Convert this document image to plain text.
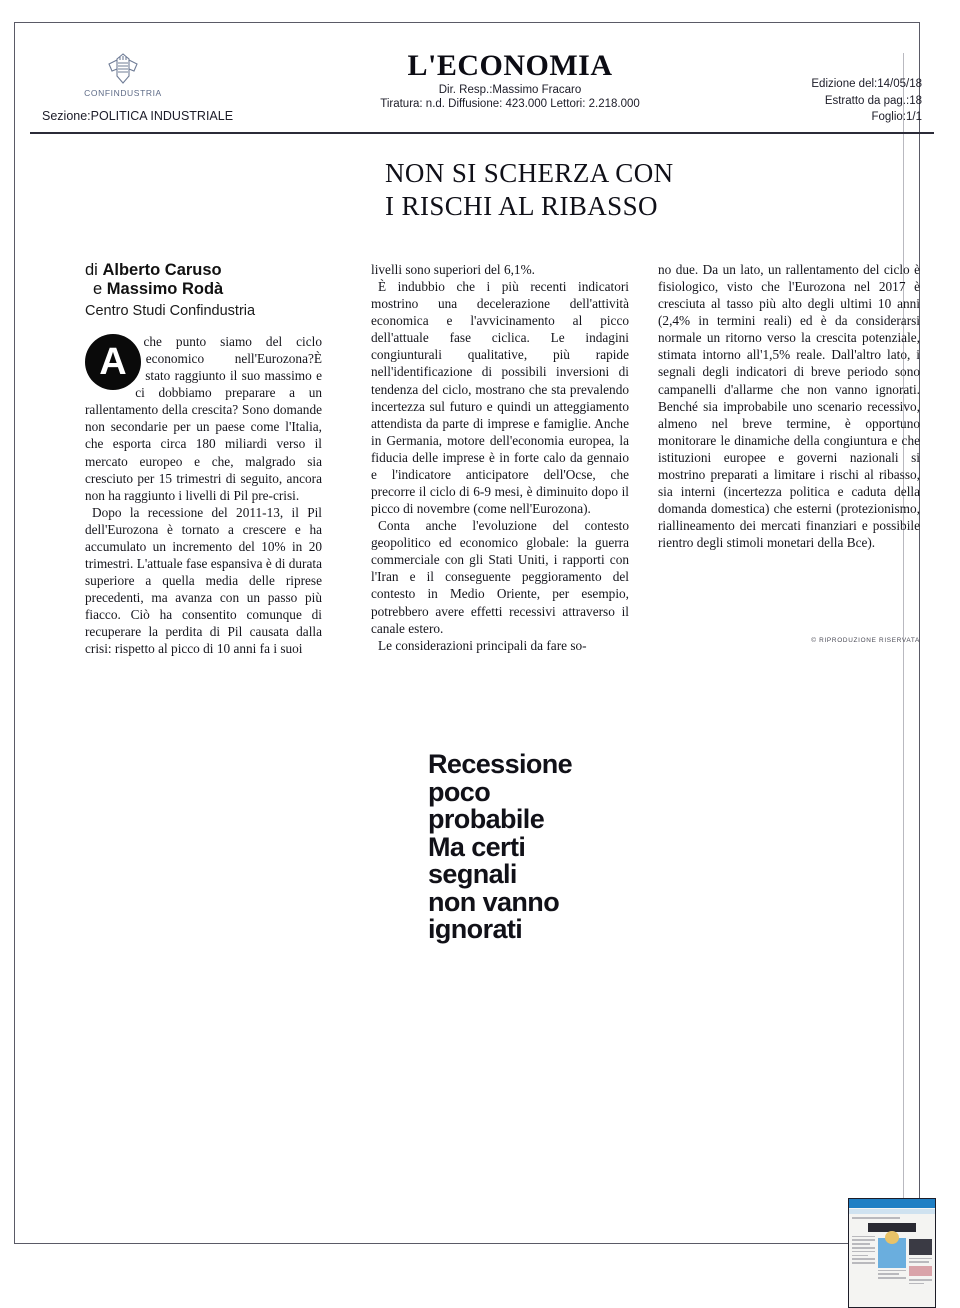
CONFINDUSTRIA
Sezione:POLITICA INDUSTRIALE
L'ECONOMIA
Dir. Resp.:Massimo Fracaro
Tiratura: n.d. Diffusione: 423.000 Lettori: 2.218.000
Edizione del:14/05/18
Estratto da pag.:18
Foglio:1/1
NON SI SCHERZA CON I RISCHI AL RIBASSO
di Alberto Caruso
e Massimo Rodà
Centro Studi Confindustria

A	che punto siamo del ciclo economico nell'Eurozona?È stato raggiunto il suo massimo e ci dobbiamo preparare a un rallentamento della crescita? Sono domande non secondarie per un paese come l'Italia, che esporta circa 180 miliardi verso il mercato europeo e che, malgrado sia cresciuto per 15 trimestri di seguito, ancora non ha raggiunto i livelli di Pil pre-crisi.

Dopo la recessione del 2011-13, il Pil dell'Eurozona è tornato a crescere e ha accumulato un incremento del 10% in 20 trimestri. L'attuale fase espansiva è di durata superiore a quella media delle riprese precedenti, ma avanza con un passo più fiacco. Ciò ha consentito comunque di recuperare la perdita di Pil causata dalla crisi: rispetto al picco di 10 anni fa i suoi

livelli sono superiori del 6,1%.

È indubbio che i più recenti indicatori mostrino una decelerazione dell'attività economica e l'avvicinamento al picco dell'attuale fase ciclica. Le indagini congiunturali qualitative, più rapide nell'identificazione di possibili inversioni di tendenza del ciclo, mostrano che sta prevalendo incertezza sul futuro e quindi un atteggiamento attendista da parte di imprese e famiglie. Anche in Germania, motore dell'economia europea, la fiducia delle imprese è in forte calo da gennaio e l'indicatore anticipatore dell'Ocse, che precorre il ciclo di 6-9 mesi, è diminuito dopo il picco di novembre (come nell'Eurozona).

Conta anche l'evoluzione del contesto geopolitico ed economico globale: la guerra commerciale con gli Stati Uniti, i rapporti con l'Iran e il conseguente peggioramento del contesto in Medio Oriente, per esempio, potrebbero avere effetti recessivi attraverso il canale estero.

Le considerazioni principali da fare so-

no due. Da un lato, un rallentamento del ciclo è fisiologico, visto che l'Eurozona nel 2017 è cresciuta al tasso più alto degli ultimi 10 anni (2,4% in termini reali) ed è da considerarsi normale un ritorno verso la crescita potenziale, stimata intorno all'1,5% reale. Dall'altro lato, i segnali degli indicatori di breve periodo sono campanelli d'allarme che non vanno ignorati. Benché sia improbabile uno scenario recessivo, almeno nel breve termine, è opportuno monitorare le dinamiche della congiuntura e che istituzioni europee e governi nazionali si mostrino preparati a limitare i rischi al ribasso, sia interni (incertezza politica e caduta della domanda domestica) che esterni (protezionismo, riallineamento dei mercati finanziari e possibile rientro degli stimoli monetari della Bce).

© RIPRODUZIONE RISERVATA
Recessione
poco
probabile
Ma certi
segnali
non vanno
ignorati
